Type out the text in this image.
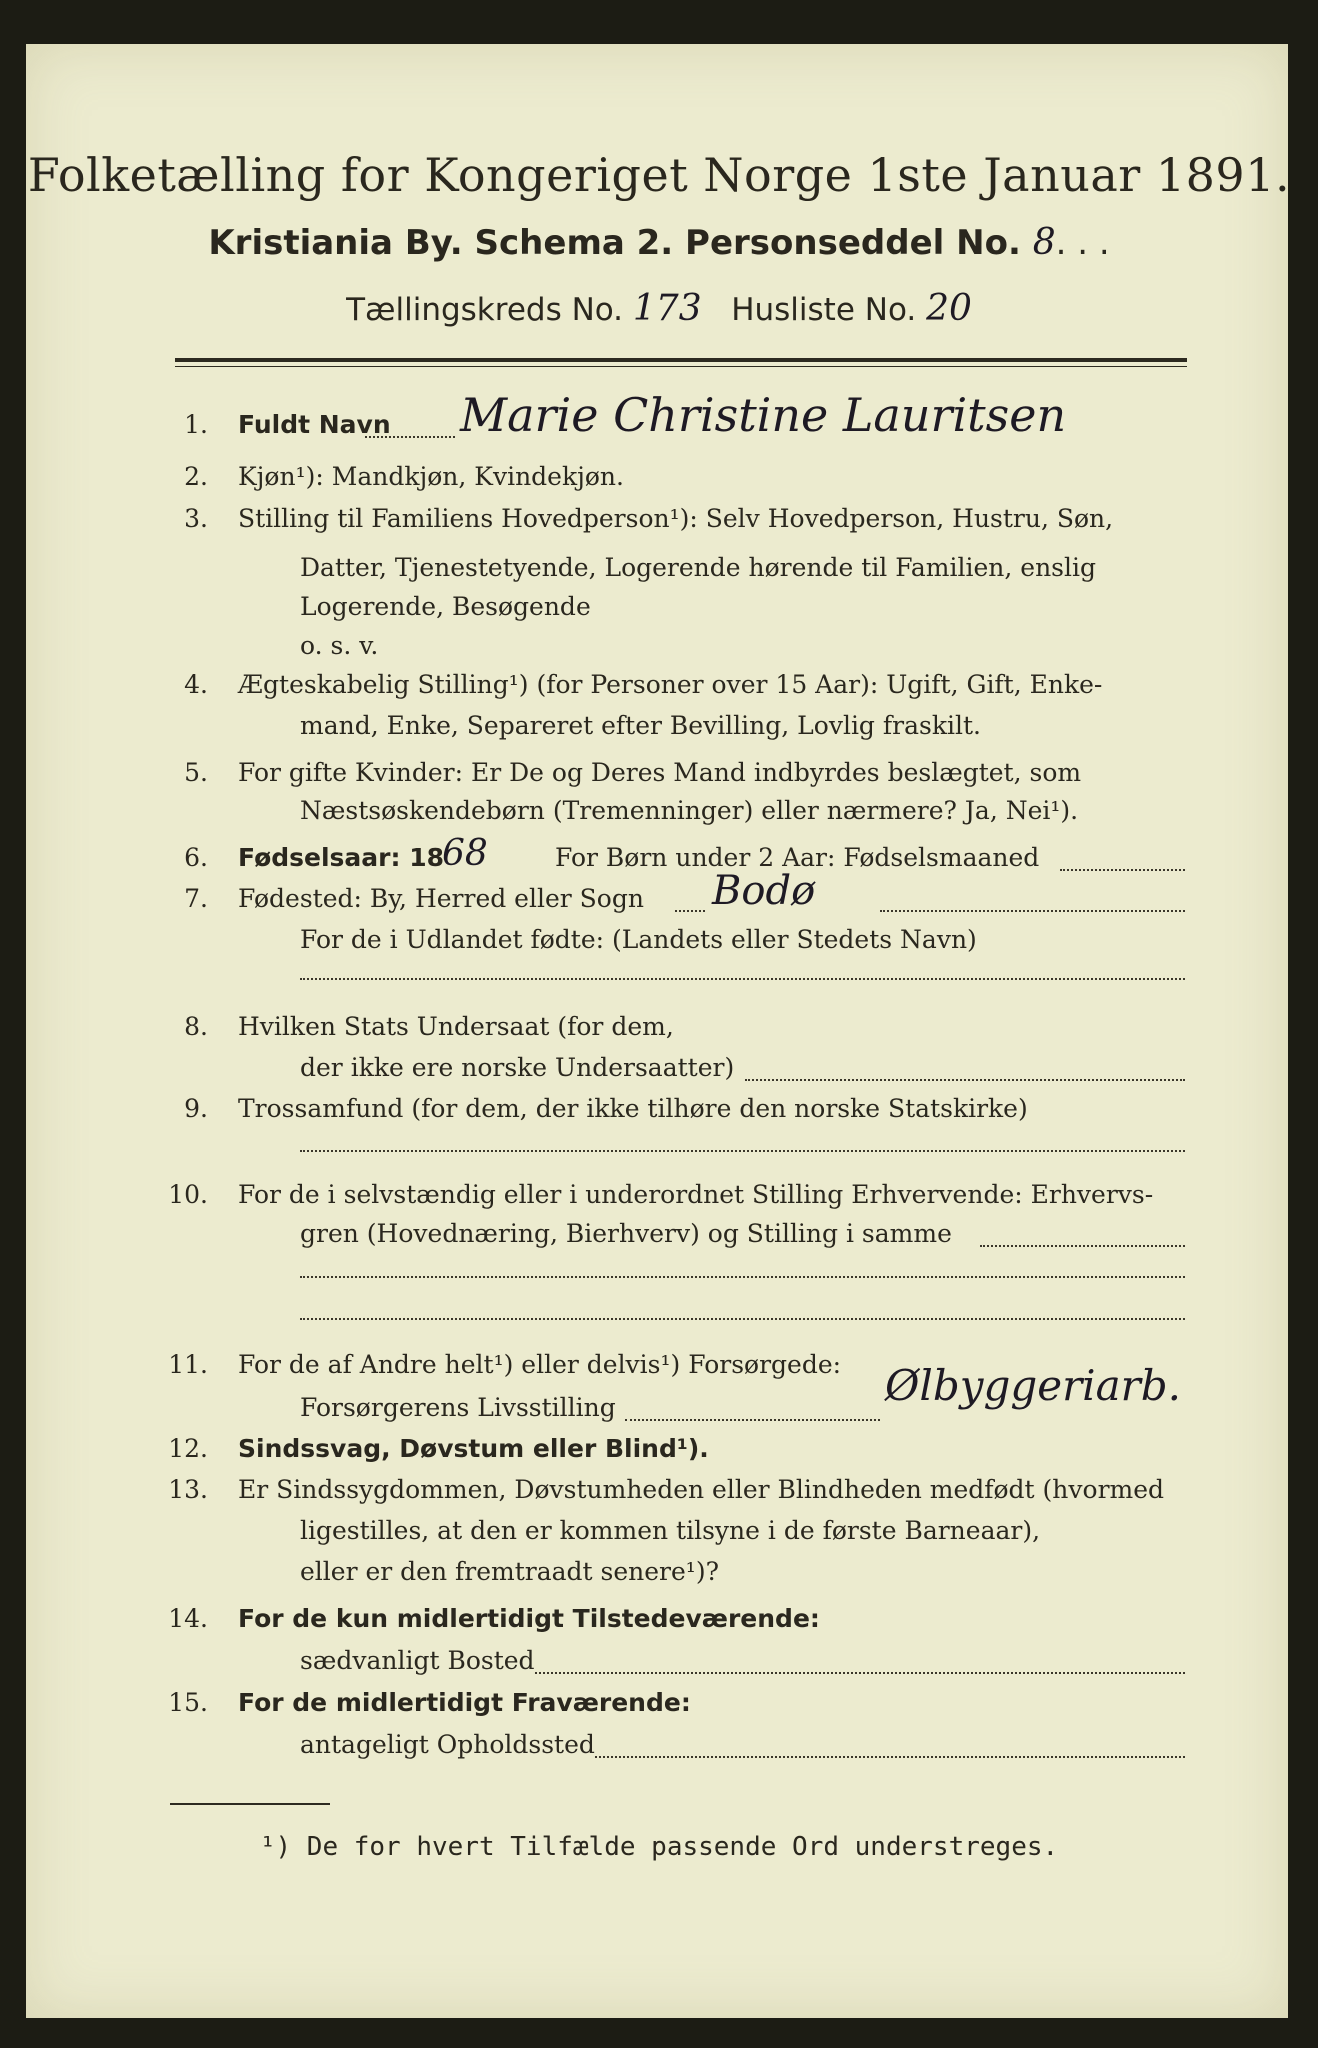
Folketælling for Kongeriget Norge 1ste Januar 1891.
Kristiania By. Schema 2. Personseddel No. 8. . .
Tællingskreds No. 173 Husliste No. 20
1. Fuldt Navn Marie Christine Lauritsen
2. Kjøn¹): Mandkjøn, Kvindekjøn.
3. Stilling til Familiens Hovedperson¹): Selv Hovedperson, Hustru, Søn,
Datter, Tjenestetyende, Logerende hørende til Familien, enslig
Logerende, Besøgende
o. s. v.
4. Ægteskabelig Stilling¹) (for Personer over 15 Aar): Ugift, Gift, Enke-
mand, Enke, Separeret efter Bevilling, Lovlig fraskilt.
5. For gifte Kvinder: Er De og Deres Mand indbyrdes beslægtet, som
Næstsøskendebørn (Tremenninger) eller nærmere? Ja, Nei¹).
6. Fødselsaar: 18
68	For Børn under 2 Aar: Fødselsmaaned
7. Fødested: By, Herred eller Sogn Bodø
For de i Udlandet fødte: (Landets eller Stedets Navn)
8. Hvilken Stats Undersaat (for dem,
der ikke ere norske Undersaatter)
9. Trossamfund (for dem, der ikke tilhøre den norske Statskirke)
10. For de i selvstændig eller i underordnet Stilling Erhvervende: Erhvervs-
gren (Hovednæring, Bierhverv) og Stilling i samme
11. For de af Andre helt¹) eller delvis¹) Forsørgede:
Forsørgerens Livsstilling	Ølbyggeriarb.
12. Sindssvag, Døvstum eller Blind¹).
13. Er Sindssygdommen, Døvstumheden eller Blindheden medfødt (hvormed
ligestilles, at den er kommen tilsyne i de første Barneaar),
eller er den fremtraadt senere¹)?
14. For de kun midlertidigt Tilstedeværende:
sædvanligt Bosted
15. For de midlertidigt Fraværende:
antageligt Opholdssted
¹) De for hvert Tilfælde passende Ord understreges.
